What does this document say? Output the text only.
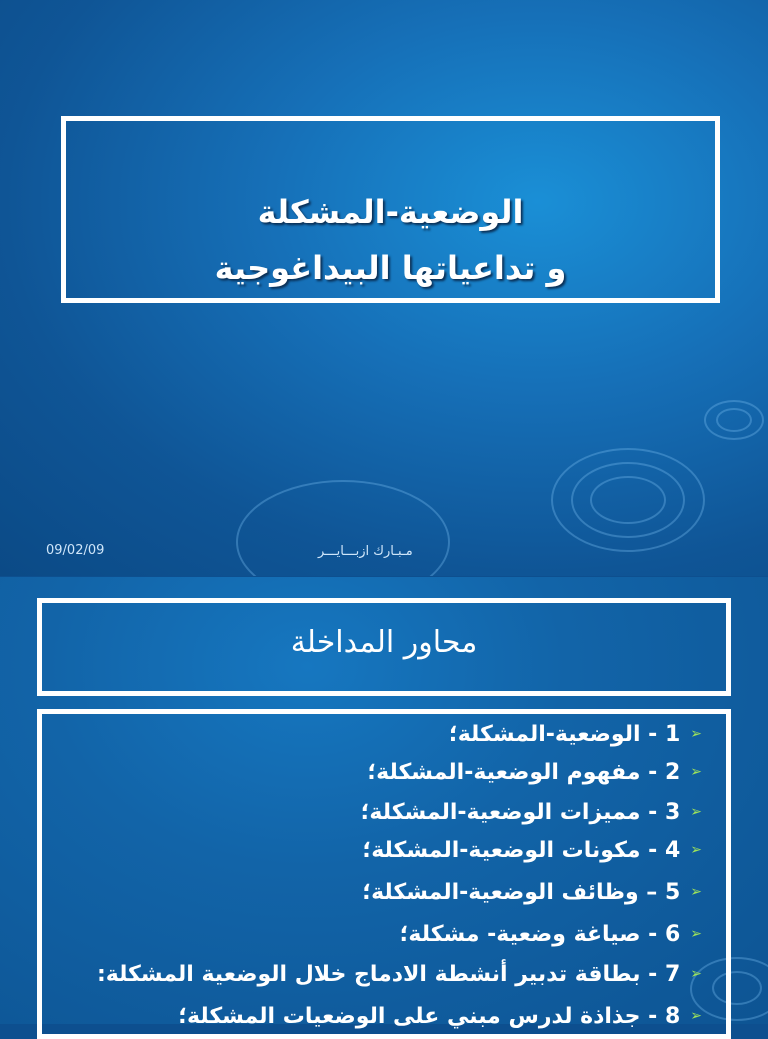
الوضعية-المشكلة
و تداعياتها البيداغوجية
09/02/09	مـبـارك ازبـــايـــر
محاور المداخلة
➢1 - الوضعية-المشكلة؛
➢2 - مفهوم الوضعية-المشكلة؛
➢3 - مميزات الوضعية-المشكلة؛
➢4 - مكونات الوضعية-المشكلة؛
➢5 – وظائف الوضعية-المشكلة؛
➢6 - صياغة وضعية- مشكلة؛
➢7 - بطاقة تدبير أنشطة الادماج خلال الوضعية المشكلة:
➢8 - جذاذة لدرس مبني على الوضعيات المشكلة؛
